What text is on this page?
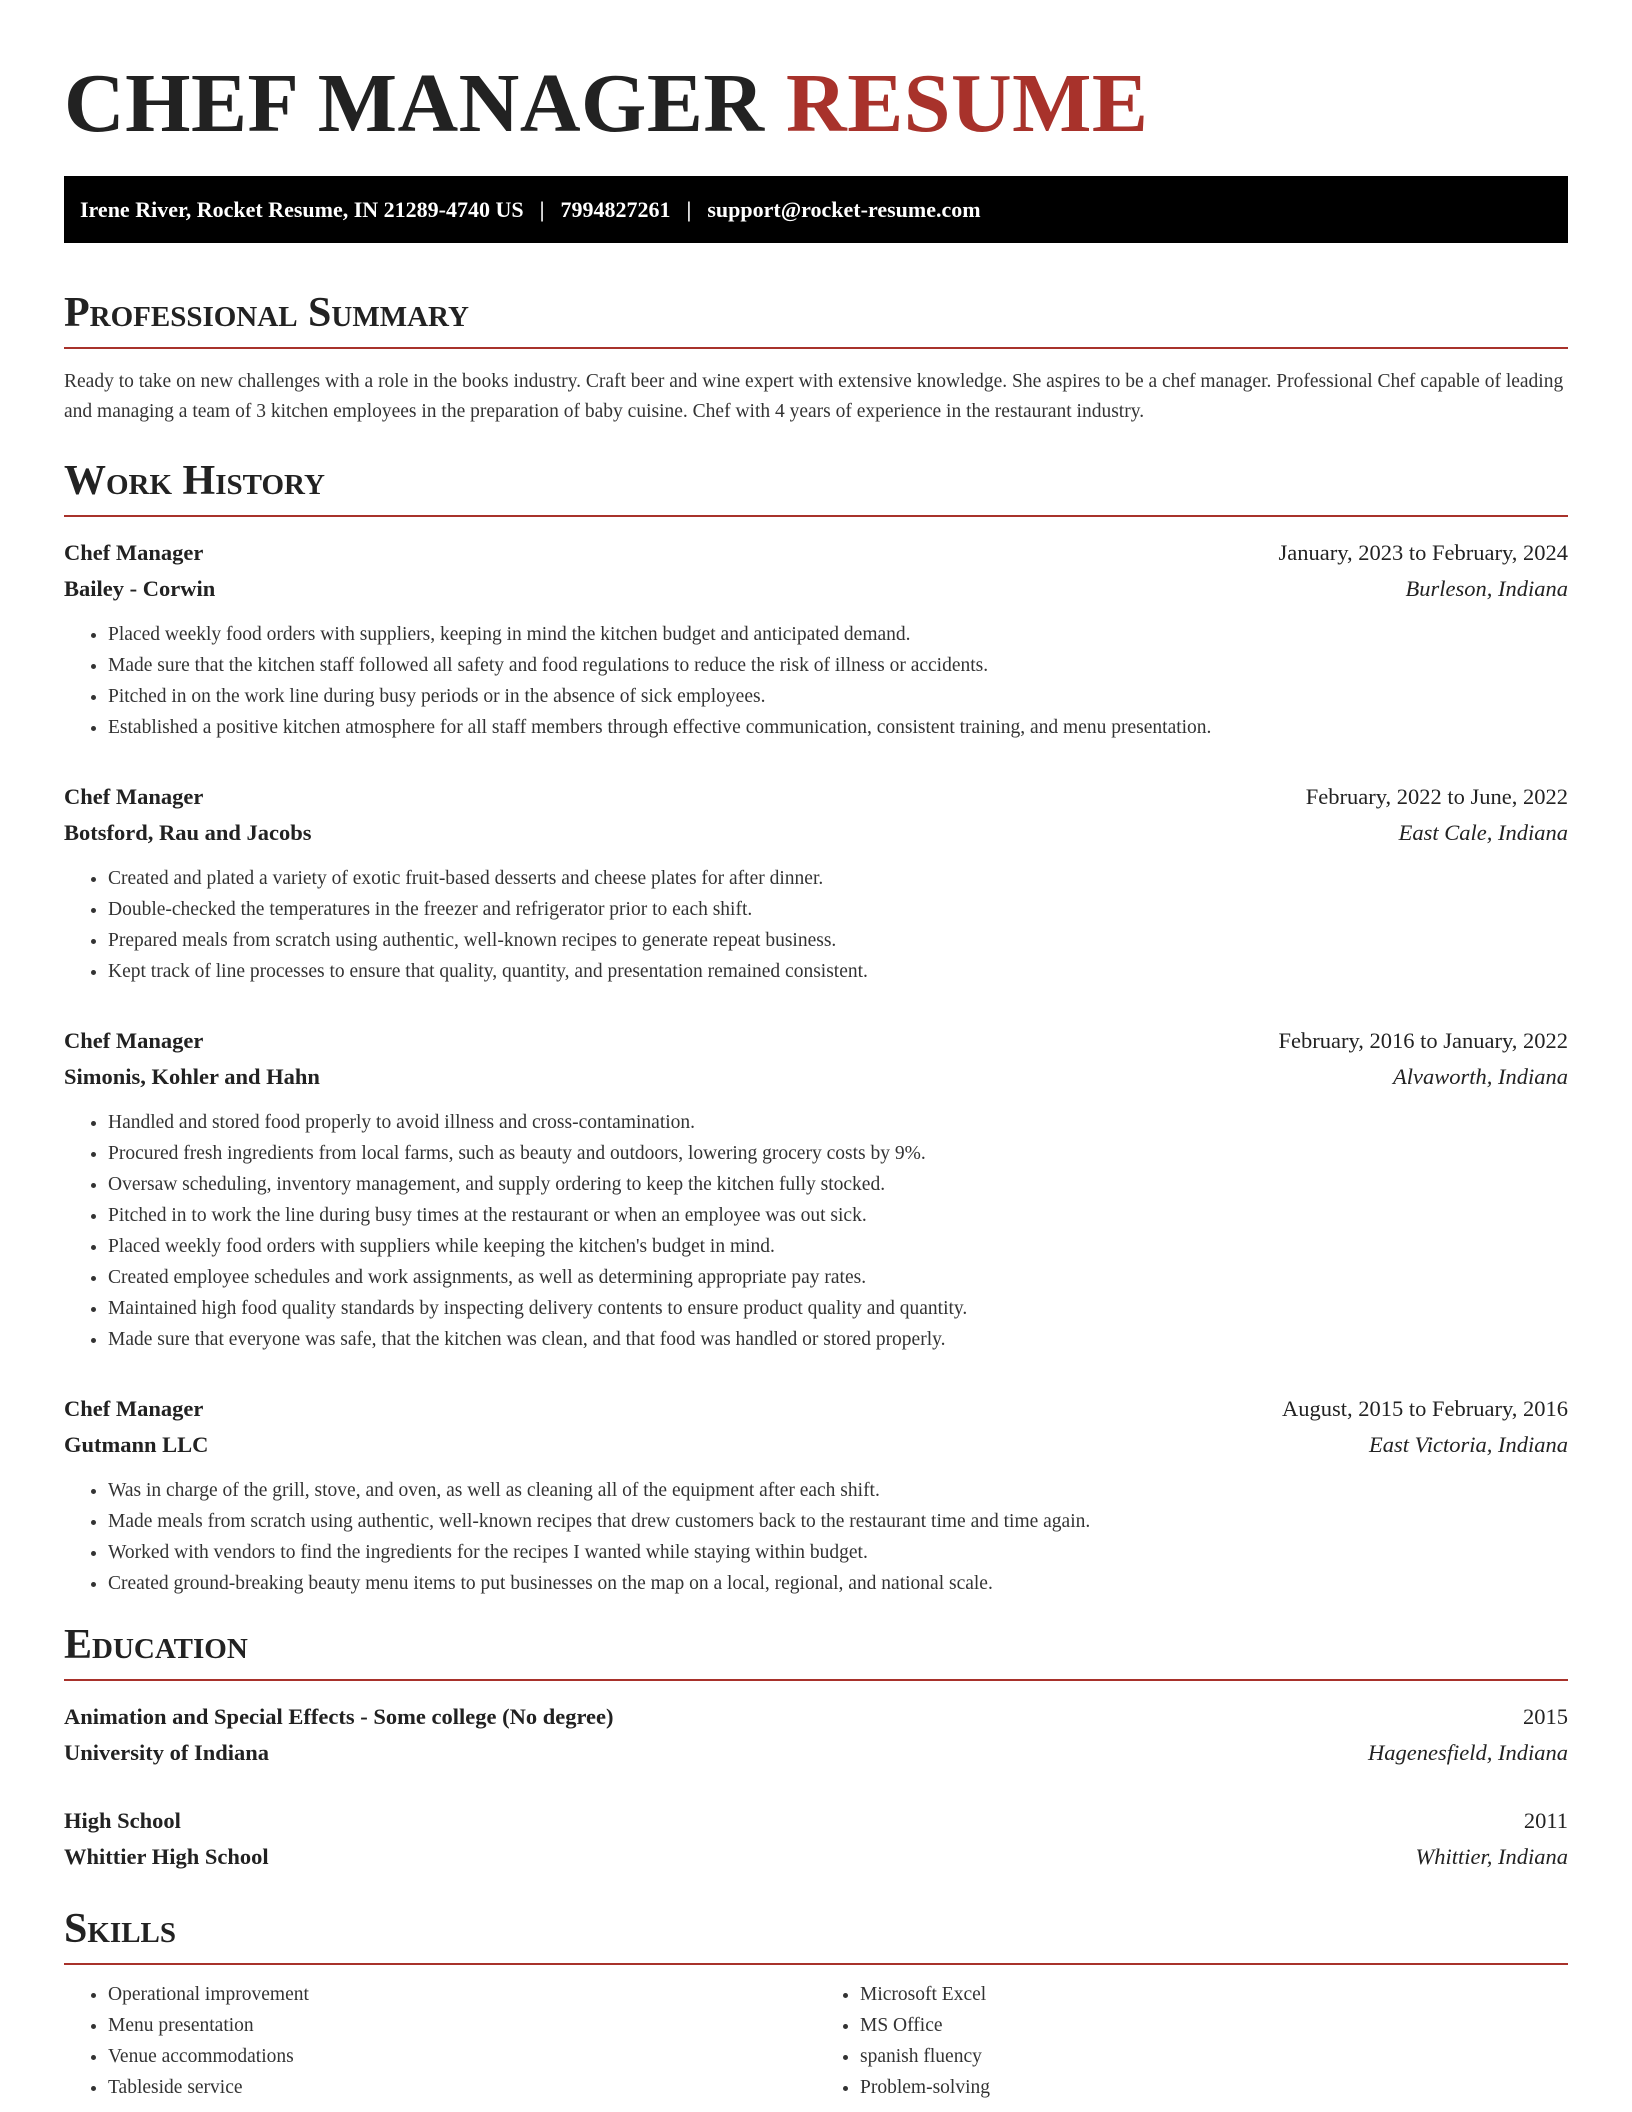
CHEF MANAGER RESUME
Irene River, Rocket Resume, IN 21289-4740 US | 7994827261 | support@rocket-resume.com
Professional Summary

Ready to take on new challenges with a role in the books industry. Craft beer and wine expert with extensive knowledge. She aspires to be a chef manager. Professional Chef capable of leading and managing a team of 3 kitchen employees in the preparation of baby cuisine. Chef with 4 years of experience in the restaurant industry.

Work History
Chef Manager	January, 2023 to February, 2024
Bailey - Corwin	Burleson, Indiana
• Placed weekly food orders with suppliers, keeping in mind the kitchen budget and anticipated demand.
• Made sure that the kitchen staff followed all safety and food regulations to reduce the risk of illness or accidents.
• Pitched in on the work line during busy periods or in the absence of sick employees.
• Established a positive kitchen atmosphere for all staff members through effective communication, consistent training, and menu presentation.
Chef Manager	February, 2022 to June, 2022
Botsford, Rau and Jacobs	East Cale, Indiana
• Created and plated a variety of exotic fruit-based desserts and cheese plates for after dinner.
• Double-checked the temperatures in the freezer and refrigerator prior to each shift.
• Prepared meals from scratch using authentic, well-known recipes to generate repeat business.
• Kept track of line processes to ensure that quality, quantity, and presentation remained consistent.
Chef Manager	February, 2016 to January, 2022
Simonis, Kohler and Hahn	Alvaworth, Indiana
• Handled and stored food properly to avoid illness and cross-contamination.
• Procured fresh ingredients from local farms, such as beauty and outdoors, lowering grocery costs by 9%.
• Oversaw scheduling, inventory management, and supply ordering to keep the kitchen fully stocked.
• Pitched in to work the line during busy times at the restaurant or when an employee was out sick.
• Placed weekly food orders with suppliers while keeping the kitchen's budget in mind.
• Created employee schedules and work assignments, as well as determining appropriate pay rates.
• Maintained high food quality standards by inspecting delivery contents to ensure product quality and quantity.
• Made sure that everyone was safe, that the kitchen was clean, and that food was handled or stored properly.
Chef Manager	August, 2015 to February, 2016
Gutmann LLC	East Victoria, Indiana
• Was in charge of the grill, stove, and oven, as well as cleaning all of the equipment after each shift.
• Made meals from scratch using authentic, well-known recipes that drew customers back to the restaurant time and time again.
• Worked with vendors to find the ingredients for the recipes I wanted while staying within budget.
• Created ground-breaking beauty menu items to put businesses on the map on a local, regional, and national scale.
Education
Animation and Special Effects - Some college (No degree)	2015
University of Indiana	Hagenesfield, Indiana
High School	2011
Whittier High School	Whittier, Indiana
Skills
• Operational improvement
• Menu presentation
• Venue accommodations
• Tableside service
• Microsoft Excel
• MS Office
• spanish fluency
• Problem-solving
